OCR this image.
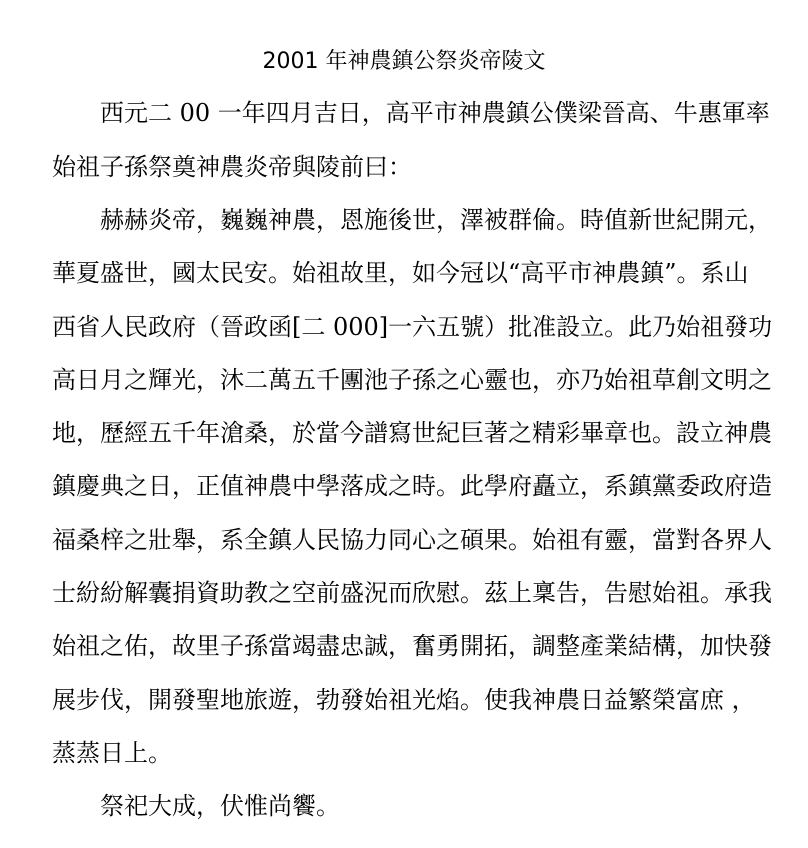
2001 年神農鎮公祭炎帝陵文

西元二 00 一年四月吉日，高平市神農鎮公僕梁晉高、牛惠軍率

始祖子孫祭奠神農炎帝與陵前曰：

赫赫炎帝，巍巍神農，恩施後世，澤被群倫。時值新世紀開元，

華夏盛世，國太民安。始祖故里，如今冠以“高平市神農鎮”。系山

西省人民政府（晉政函[二 000]一六五號）批准設立。此乃始祖發功

高日月之輝光，沐二萬五千團池子孫之心靈也，亦乃始祖草創文明之

地，歷經五千年滄桑，於當今譜寫世紀巨著之精彩畢章也。設立神農

鎮慶典之日，正值神農中學落成之時。此學府矗立，系鎮黨委政府造

福桑梓之壯舉，系全鎮人民協力同心之碩果。始祖有靈，當對各界人

士紛紛解囊捐資助教之空前盛況而欣慰。茲上稟告，告慰始祖。承我

始祖之佑，故里子孫當竭盡忠誠，奮勇開拓，調整產業結構，加快發

展步伐，開發聖地旅遊，勃發始祖光焰。使我神農日益繁榮富庶 ，

蒸蒸日上。

祭祀大成，伏惟尚饗。
